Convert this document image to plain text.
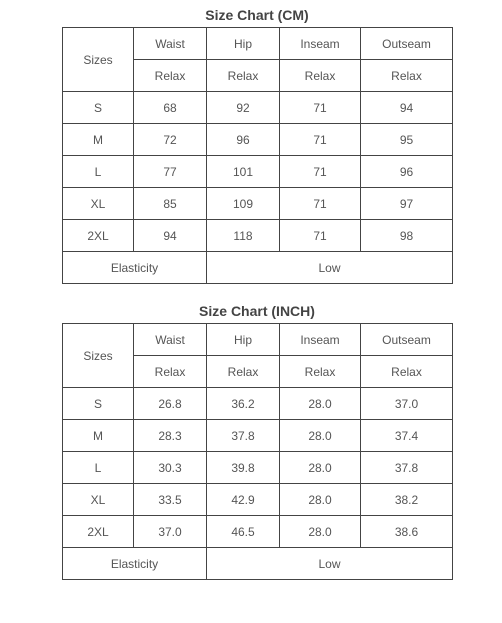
Size Chart (CM)
Sizes	Waist	Hip	Inseam	Outseam
	Relax	Relax	Relax	Relax
S	68	92	71	94
M	72	96	71	95
L	77	101	71	96
XL	85	109	71	97
2XL	94	118	71	98
Elasticity		Low		
Size Chart (INCH)
Sizes	Waist	Hip	Inseam	Outseam
	Relax	Relax	Relax	Relax
S	26.8	36.2	28.0	37.0
M	28.3	37.8	28.0	37.4
L	30.3	39.8	28.0	37.8
XL	33.5	42.9	28.0	38.2
2XL	37.0	46.5	28.0	38.6
Elasticity		Low		
